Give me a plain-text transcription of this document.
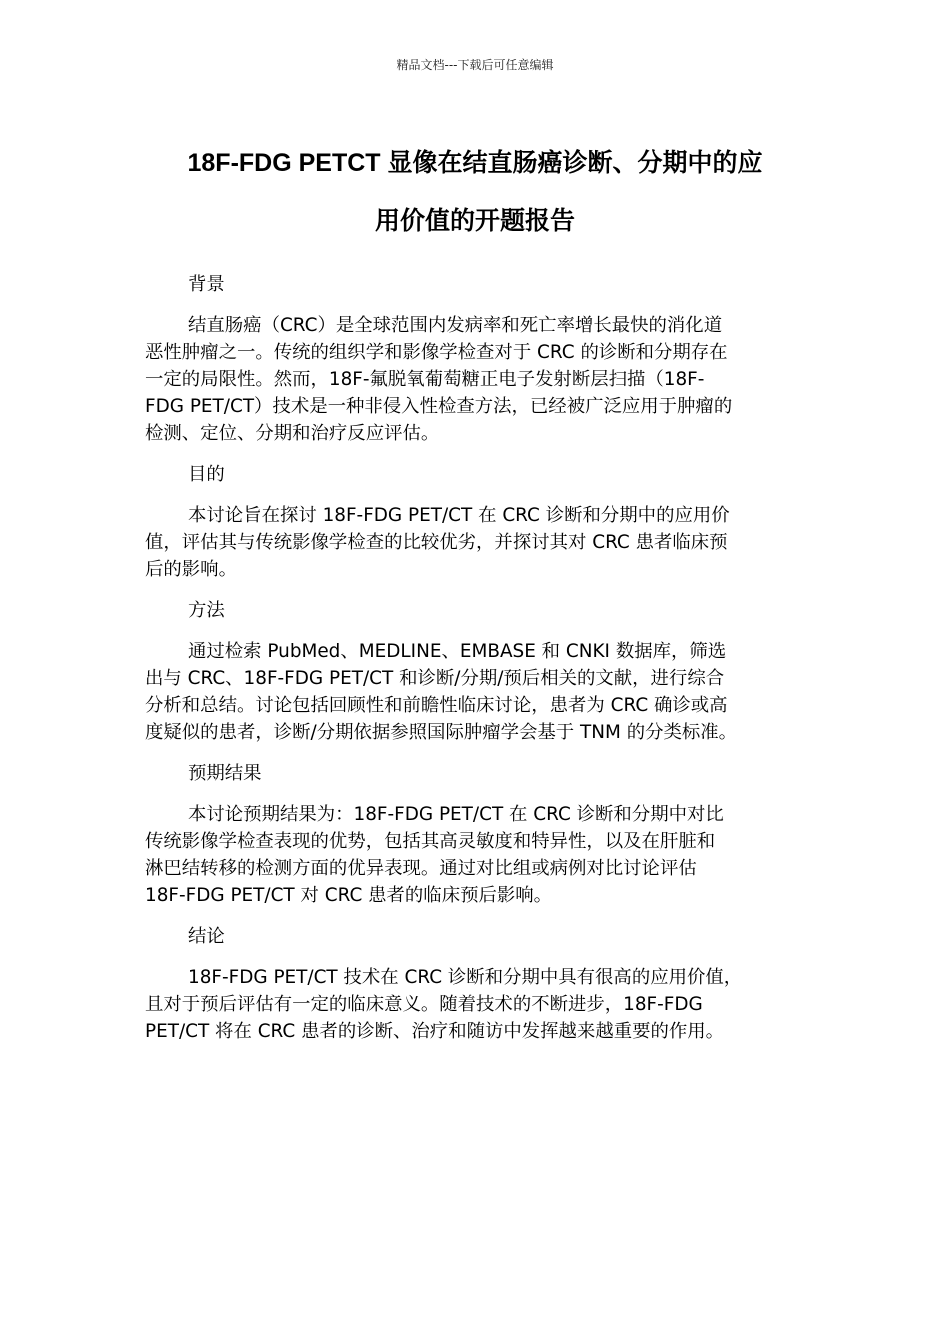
精品文档---下载后可任意编辑
18F-FDG PETCT 显像在结直肠癌诊断、分期中的应
用价值的开题报告

背景

结直肠癌（CRC）是全球范围内发病率和死亡率增长最快的消化道
恶性肿瘤之一。传统的组织学和影像学检查对于 CRC 的诊断和分期存在
一定的局限性。然而，18F-氟脱氧葡萄糖正电子发射断层扫描（18F-
FDG PET/CT）技术是一种非侵入性检查方法，已经被广泛应用于肿瘤的
检测、定位、分期和治疗反应评估。

目的

本讨论旨在探讨 18F-FDG PET/CT 在 CRC 诊断和分期中的应用价
值，评估其与传统影像学检查的比较优劣，并探讨其对 CRC 患者临床预
后的影响。

方法

通过检索 PubMed、MEDLINE、EMBASE 和 CNKI 数据库，筛选
出与 CRC、18F-FDG PET/CT 和诊断/分期/预后相关的文献，进行综合
分析和总结。讨论包括回顾性和前瞻性临床讨论，患者为 CRC 确诊或高
度疑似的患者，诊断/分期依据参照国际肿瘤学会基于 TNM 的分类标准。

预期结果

本讨论预期结果为：18F-FDG PET/CT 在 CRC 诊断和分期中对比
传统影像学检查表现的优势，包括其高灵敏度和特异性，以及在肝脏和
淋巴结转移的检测方面的优异表现。通过对比组或病例对比讨论评估
18F-FDG PET/CT 对 CRC 患者的临床预后影响。

结论

18F-FDG PET/CT 技术在 CRC 诊断和分期中具有很高的应用价值，
且对于预后评估有一定的临床意义。随着技术的不断进步，18F-FDG
PET/CT 将在 CRC 患者的诊断、治疗和随访中发挥越来越重要的作用。
